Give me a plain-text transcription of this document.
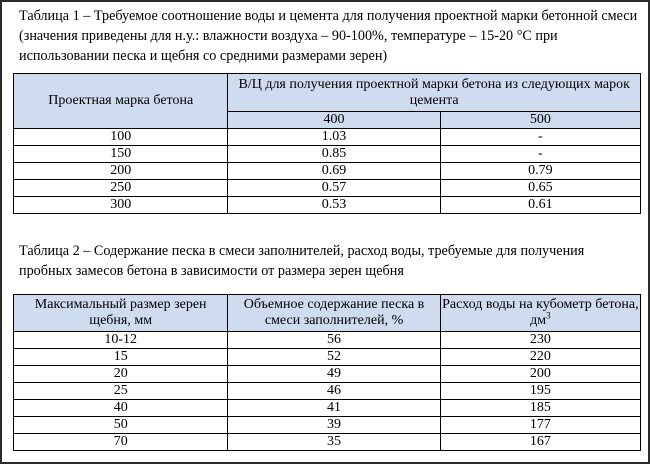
Таблица 1 – Требуемое соотношение воды и цемента для получения проектной марки бетонной смеси (значения приведены для н.у.: влажности воздуха – 90-100%, температуре – 15-20 °С при использовании песка и щебня со средними размерами зерен)
Проектная марка бетона	В/Ц для получения проектной марки бетона из следующих марок цемента	
	400	500
100	1.03	-
150	0.85	-
200	0.69	0.79
250	0.57	0.65
300	0.53	0.61
Таблица 2 – Содержание песка в смеси заполнителей, расход воды, требуемые для получения пробных замесов бетона в зависимости от размера зерен щебня
Максимальный размер зерен щебня, мм	Объемное содержание песка в смеси заполнителей, %	Расход воды на кубометр бетона, $дм^3$
10-12	56	230
15	52	220
20	49	200
25	46	195
40	41	185
50	39	177
70	35	167
